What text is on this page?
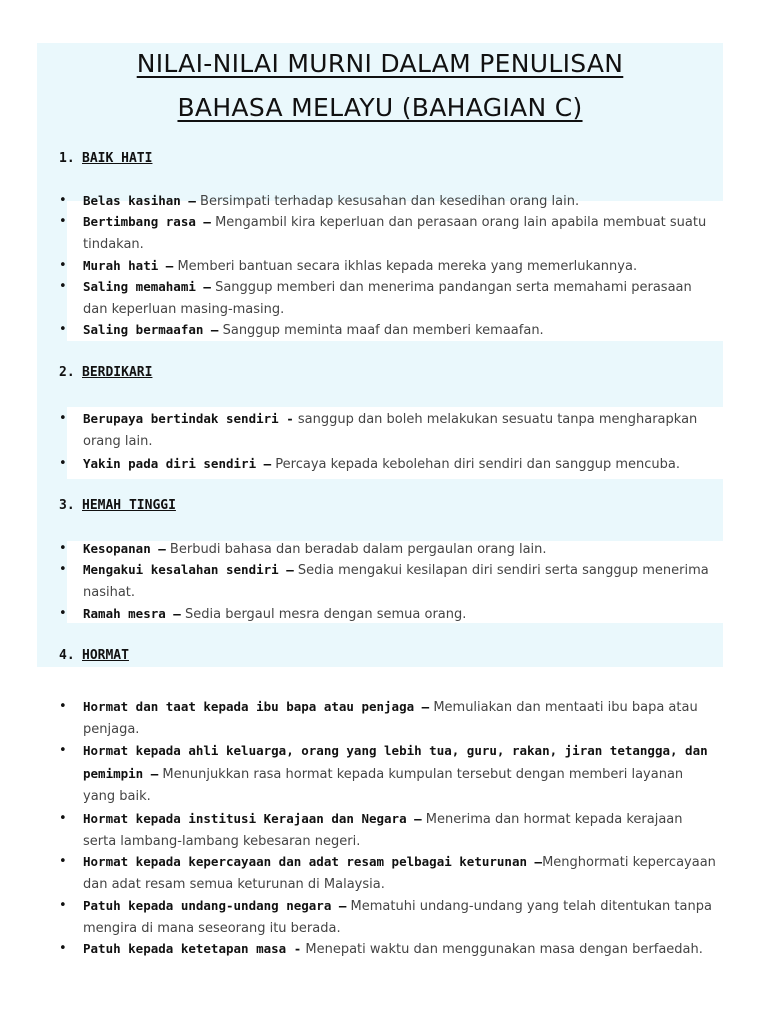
NILAI-NILAI MURNI DALAM PENULISAN
BAHASA MELAYU (BAHAGIAN C)
1. BAIK HATI
• Belas kasihan – Bersimpati terhadap kesusahan dan kesedihan orang lain.
• Bertimbang rasa – Mengambil kira keperluan dan perasaan orang lain apabila membuat suatu tindakan.
• Murah hati – Memberi bantuan secara ikhlas kepada mereka yang memerlukannya.
• Saling memahami – Sanggup memberi dan menerima pandangan serta memahami perasaan dan keperluan masing-masing.
• Saling bermaafan – Sanggup meminta maaf dan memberi kemaafan.
2. BERDIKARI
• Berupaya bertindak sendiri - sanggup dan boleh melakukan sesuatu tanpa mengharapkan orang lain.
• Yakin pada diri sendiri – Percaya kepada kebolehan diri sendiri dan sanggup mencuba.
3. HEMAH TINGGI
• Kesopanan – Berbudi bahasa dan beradab dalam pergaulan orang lain.
• Mengakui kesalahan sendiri – Sedia mengakui kesilapan diri sendiri serta sanggup menerima nasihat.
• Ramah mesra – Sedia bergaul mesra dengan semua orang.
4. HORMAT
• Hormat dan taat kepada ibu bapa atau penjaga – Memuliakan dan mentaati ibu bapa atau penjaga.
• Hormat kepada ahli keluarga, orang yang lebih tua, guru, rakan, jiran tetangga, dan pemimpin – Menunjukkan rasa hormat kepada kumpulan tersebut dengan memberi layanan yang baik.
• Hormat kepada institusi Kerajaan dan Negara – Menerima dan hormat kepada kerajaan serta lambang-lambang kebesaran negeri.
• Hormat kepada kepercayaan dan adat resam pelbagai keturunan –Menghormati kepercayaan dan adat resam semua keturunan di Malaysia.
• Patuh kepada undang-undang negara – Mematuhi undang-undang yang telah ditentukan tanpa mengira di mana seseorang itu berada.
• Patuh kepada ketetapan masa - Menepati waktu dan menggunakan masa dengan berfaedah.
